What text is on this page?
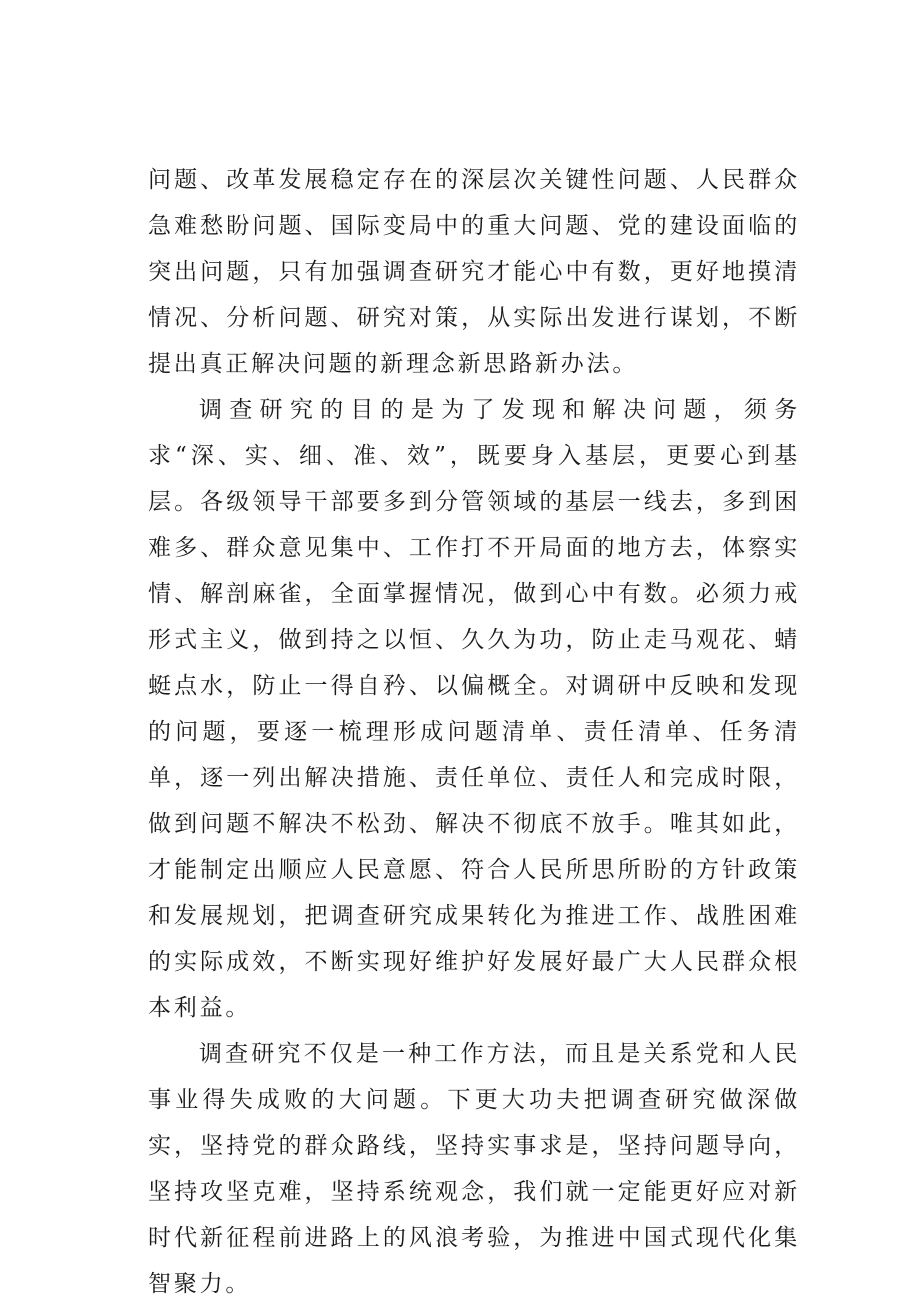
问题、改革发展稳定存在的深层次关键性问题、人民群众急难愁盼问题、国际变局中的重大问题、党的建设面临的突出问题，只有加强调查研究才能心中有数，更好地摸清情况、分析问题、研究对策，从实际出发进行谋划，不断提出真正解决问题的新理念新思路新办法。

调查研究的目的是为了发现和解决问题，须务求“深、实、细、准、效”，既要身入基层，更要心到基层。各级领导干部要多到分管领域的基层一线去，多到困难多、群众意见集中、工作打不开局面的地方去，体察实情、解剖麻雀，全面掌握情况，做到心中有数。必须力戒形式主义，做到持之以恒、久久为功，防止走马观花、蜻蜓点水，防止一得自矜、以偏概全。对调研中反映和发现的问题，要逐一梳理形成问题清单、责任清单、任务清单，逐一列出解决措施、责任单位、责任人和完成时限，做到问题不解决不松劲、解决不彻底不放手。唯其如此，才能制定出顺应人民意愿、符合人民所思所盼的方针政策和发展规划，把调查研究成果转化为推进工作、战胜困难的实际成效，不断实现好维护好发展好最广大人民群众根本利益。

调查研究不仅是一种工作方法，而且是关系党和人民事业得失成败的大问题。下更大功夫把调查研究做深做实，坚持党的群众路线，坚持实事求是，坚持问题导向，坚持攻坚克难，坚持系统观念，我们就一定能更好应对新时代新征程前进路上的风浪考验，为推进中国式现代化集智聚力。
